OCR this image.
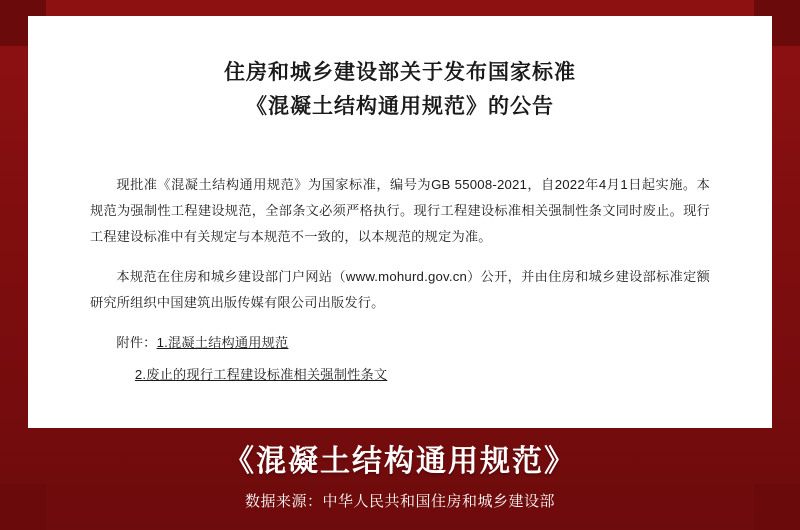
住房和城乡建设部关于发布国家标准
《混凝土结构通用规范》的公告

现批准《混凝土结构通用规范》为国家标准，编号为GB 55008-2021，自2022年4月1日起实施。本规范为强制性工程建设规范，全部条文必须严格执行。现行工程建设标准相关强制性条文同时废止。现行工程建设标准中有关规定与本规范不一致的，以本规范的规定为准。

本规范在住房和城乡建设部门户网站（www.mohurd.gov.cn）公开，并由住房和城乡建设部标准定额研究所组织中国建筑出版传媒有限公司出版发行。

附件：1.混凝土结构通用规范

2.废止的现行工程建设标准相关强制性条文

《混凝土结构通用规范》
数据来源：中华人民共和国住房和城乡建设部
